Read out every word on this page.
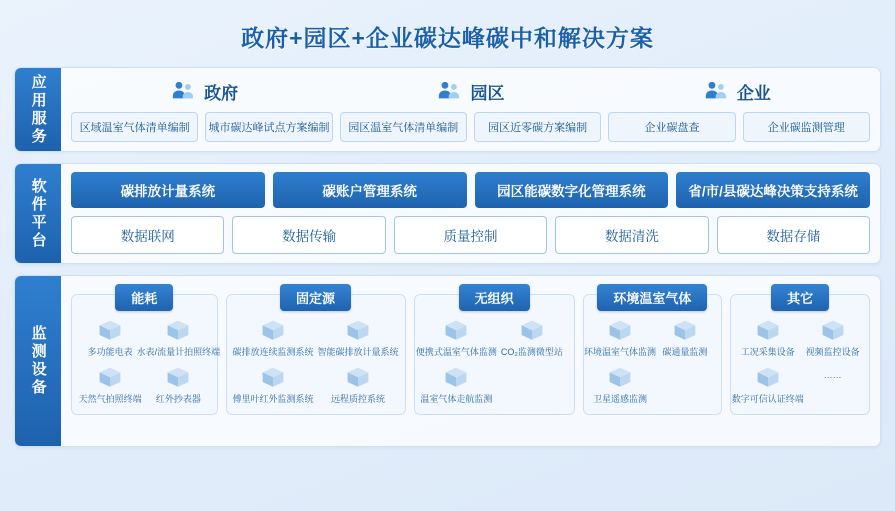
政府+园区+企业碳达峰碳中和解决方案
应用服务	政府	园区	企业
区域温室气体清单编制	城市碳达峰试点方案编制	园区温室气体清单编制	园区近零碳方案编制	企业碳盘查	企业碳监测管理
软件平台	碳排放计量系统	碳账户管理系统	园区能碳数字化管理系统	省/市/县碳达峰决策支持系统
数据联网	数据传输	质量控制	数据清洗	数据存储
监测设备
能耗
多功能电表 水表/流量计拍照终端
天然气拍照终端 红外抄表器
固定源
碳排放连续监测系统 智能碳排放计量系统
傅里叶红外监测系统 远程质控系统
无组织
便携式温室气体监测 CO₂监测微型站
温室气体走航监测
环境温室气体
环境温室气体监测 碳通量监测
卫星遥感监测
其它
工况采集设备 视频监控设备
数字可信认证终端
……
